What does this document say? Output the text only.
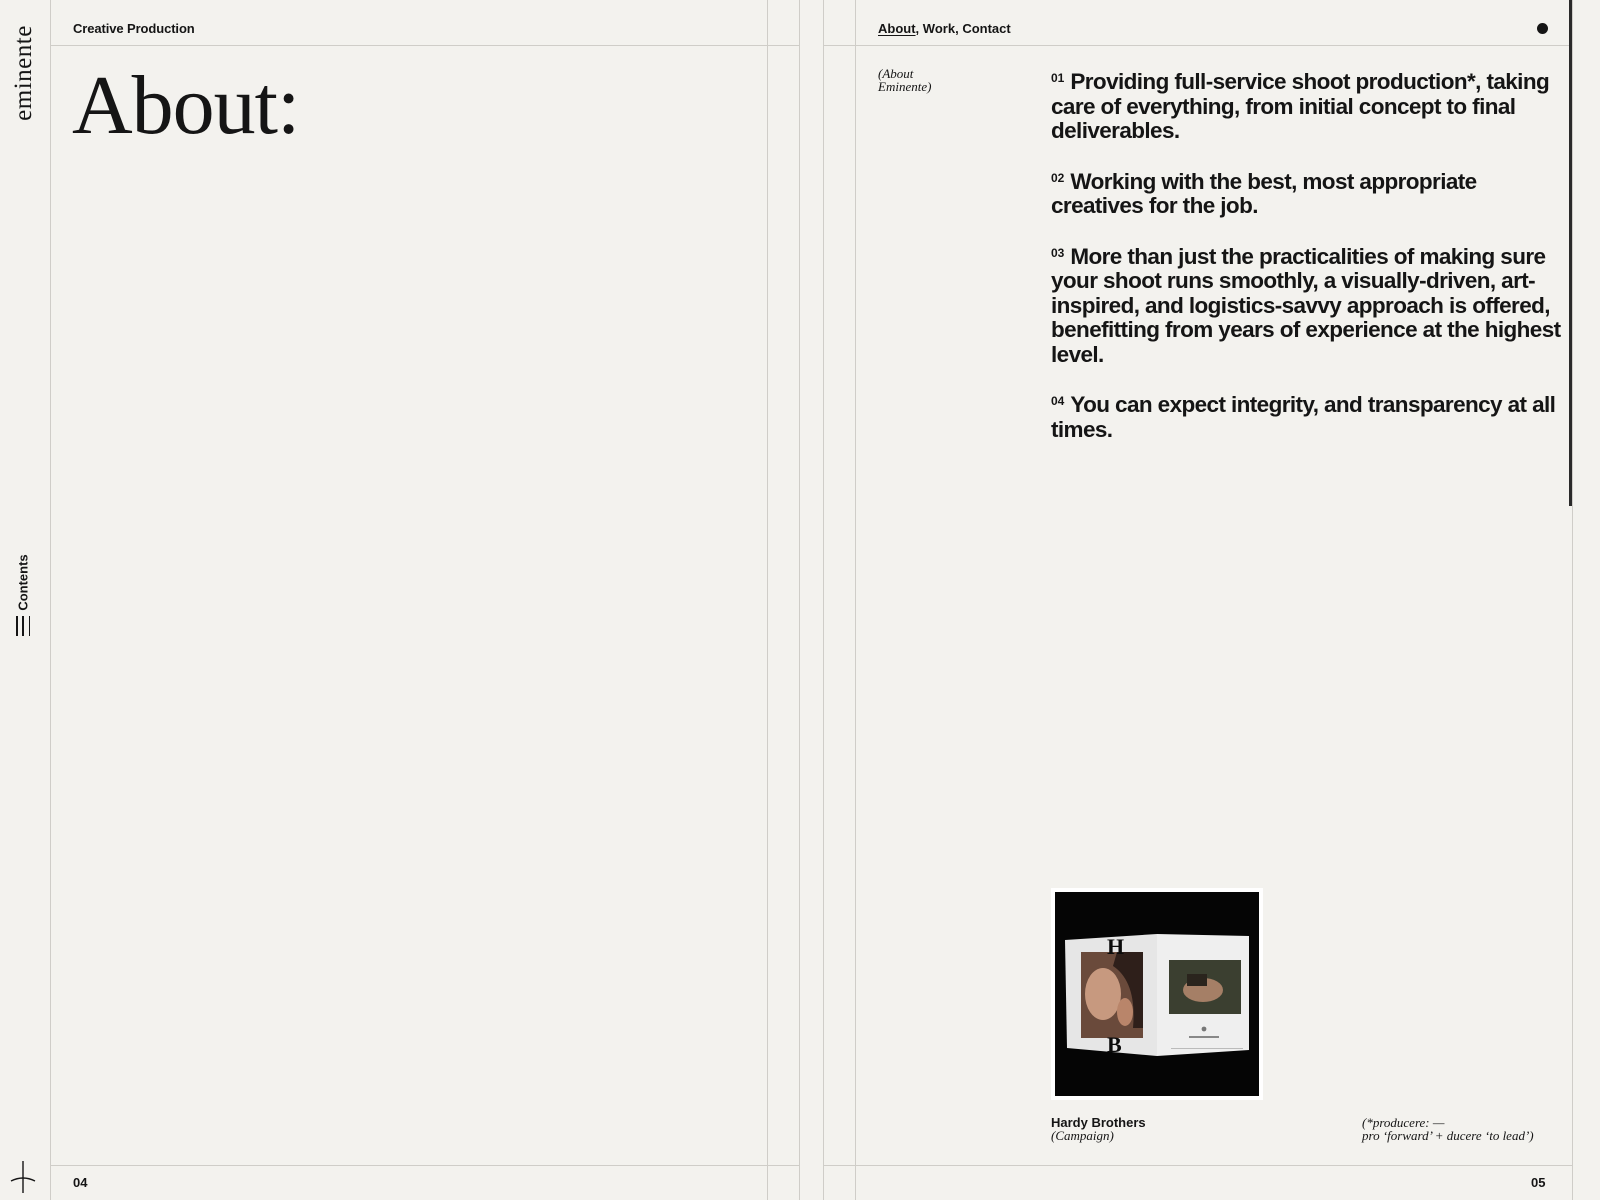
eminente
Contents
Creative Production
About:
04
About, Work, Contact
(About
Eminente)

$^{01}$ Providing full-service shoot production*, taking care of everything, from initial concept to final deliverables.

$^{02}$ Working with the best, most appropriate creatives for the job.

$^{03}$ More than just the practicalities of making sure your shoot runs smoothly, a visually-driven, art-inspired, and logistics-savvy approach is offered, benefitting from years of experience at the highest level.

$^{04}$ You can expect integrity, and transparency at all times.

H
B
Hardy Brothers
(Campaign)
(*producere: —
pro ‘forward’ + ducere ‘to lead’)
05
